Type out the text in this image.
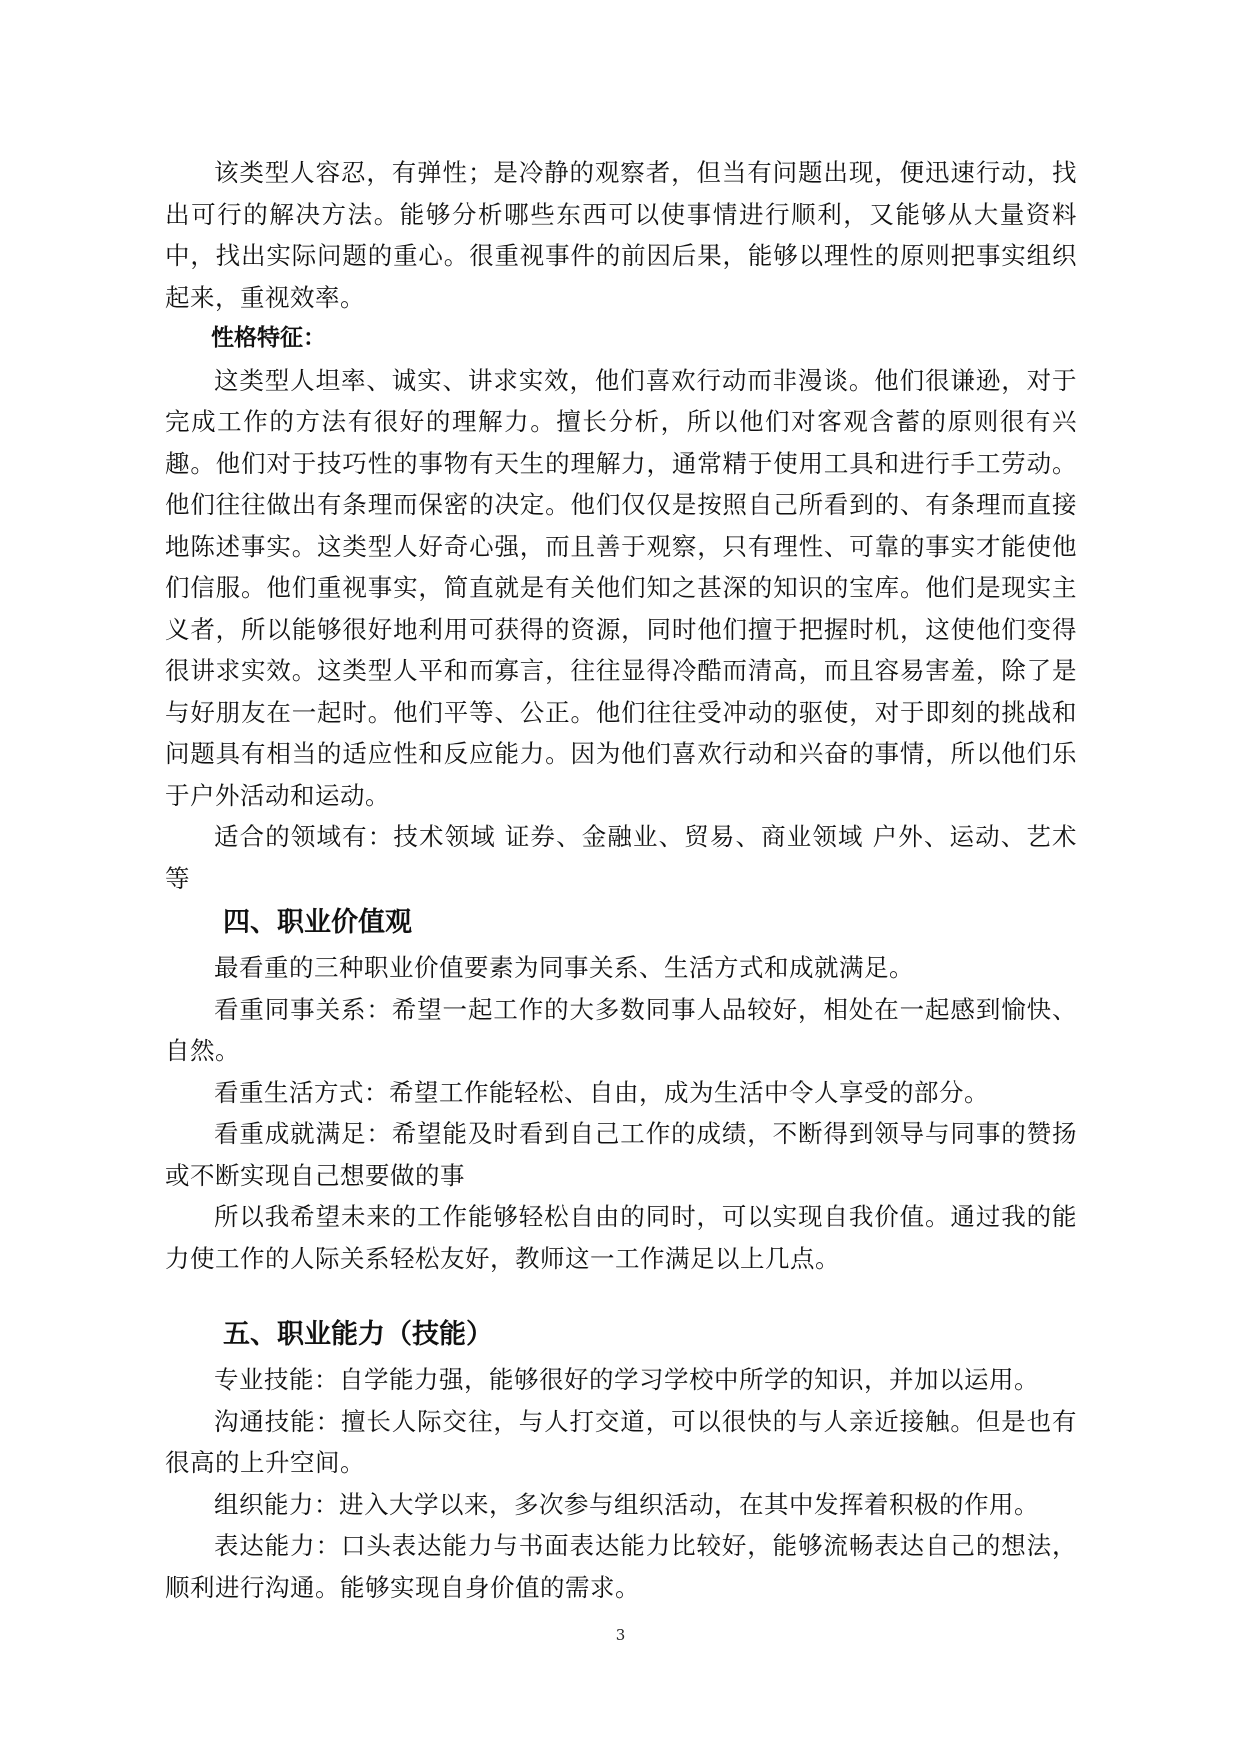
该类型人容忍，有弹性；是冷静的观察者，但当有问题出现，便迅速行动，找出可行的解决方法。能够分析哪些东西可以使事情进行顺利，又能够从大量资料中，找出实际问题的重心。很重视事件的前因后果，能够以理性的原则把事实组织起来，重视效率。

性格特征：

这类型人坦率、诚实、讲求实效，他们喜欢行动而非漫谈。他们很谦逊，对于完成工作的方法有很好的理解力。擅长分析，所以他们对客观含蓄的原则很有兴趣。他们对于技巧性的事物有天生的理解力，通常精于使用工具和进行手工劳动。他们往往做出有条理而保密的决定。他们仅仅是按照自己所看到的、有条理而直接地陈述事实。这类型人好奇心强，而且善于观察，只有理性、可靠的事实才能使他们信服。他们重视事实，简直就是有关他们知之甚深的知识的宝库。他们是现实主义者，所以能够很好地利用可获得的资源，同时他们擅于把握时机，这使他们变得很讲求实效。这类型人平和而寡言，往往显得冷酷而清高，而且容易害羞，除了是与好朋友在一起时。他们平等、公正。他们往往受冲动的驱使，对于即刻的挑战和问题具有相当的适应性和反应能力。因为他们喜欢行动和兴奋的事情，所以他们乐于户外活动和运动。

适合的领域有：技术领域 证券、金融业、贸易、商业领域 户外、运动、艺术等

四、职业价值观

最看重的三种职业价值要素为同事关系、生活方式和成就满足。

看重同事关系：希望一起工作的大多数同事人品较好，相处在一起感到愉快、自然。

看重生活方式：希望工作能轻松、自由，成为生活中令人享受的部分。

看重成就满足：希望能及时看到自己工作的成绩，不断得到领导与同事的赞扬或不断实现自己想要做的事

所以我希望未来的工作能够轻松自由的同时，可以实现自我价值。通过我的能力使工作的人际关系轻松友好，教师这一工作满足以上几点。

五、职业能力（技能）

专业技能：自学能力强，能够很好的学习学校中所学的知识，并加以运用。

沟通技能：擅长人际交往，与人打交道，可以很快的与人亲近接触。但是也有很高的上升空间。

组织能力：进入大学以来，多次参与组织活动，在其中发挥着积极的作用。

表达能力：口头表达能力与书面表达能力比较好，能够流畅表达自己的想法，顺利进行沟通。能够实现自身价值的需求。

3
